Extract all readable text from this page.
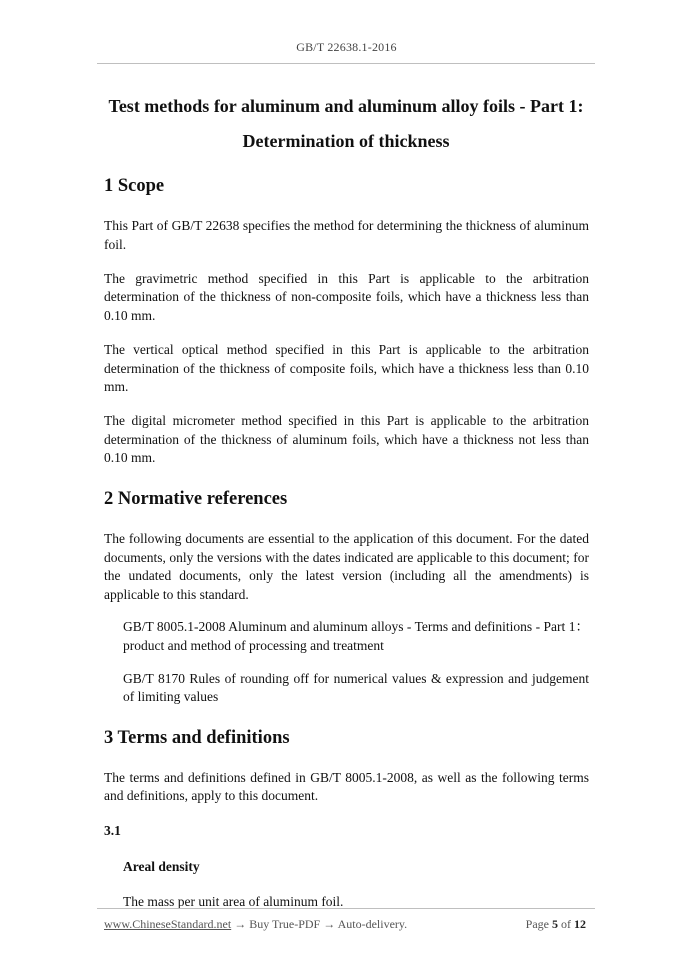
GB/T 22638.1-2016
Test methods for aluminum and aluminum alloy foils - Part 1: Determination of thickness
1 Scope

This Part of GB/T 22638 specifies the method for determining the thickness of aluminum foil.

The gravimetric method specified in this Part is applicable to the arbitration determination of the thickness of non-composite foils, which have a thickness less than 0.10 mm.

The vertical optical method specified in this Part is applicable to the arbitration determination of the thickness of composite foils, which have a thickness less than 0.10 mm.

The digital micrometer method specified in this Part is applicable to the arbitration determination of the thickness of aluminum foils, which have a thickness not less than 0.10 mm.

2 Normative references

The following documents are essential to the application of this document. For the dated documents, only the versions with the dates indicated are applicable to this document; for the undated documents, only the latest version (including all the amendments) is applicable to this standard.

GB/T 8005.1-2008 Aluminum and aluminum alloys - Terms and definitions - Part 1：product and method of processing and treatment

GB/T 8170 Rules of rounding off for numerical values & expression and judgement of limiting values

3 Terms and definitions

The terms and definitions defined in GB/T 8005.1-2008, as well as the following terms and definitions, apply to this document.

3.1
Areal density
The mass per unit area of aluminum foil.
www.ChineseStandard.net → Buy True-PDF → Auto-delivery.	Page 5 of 12
